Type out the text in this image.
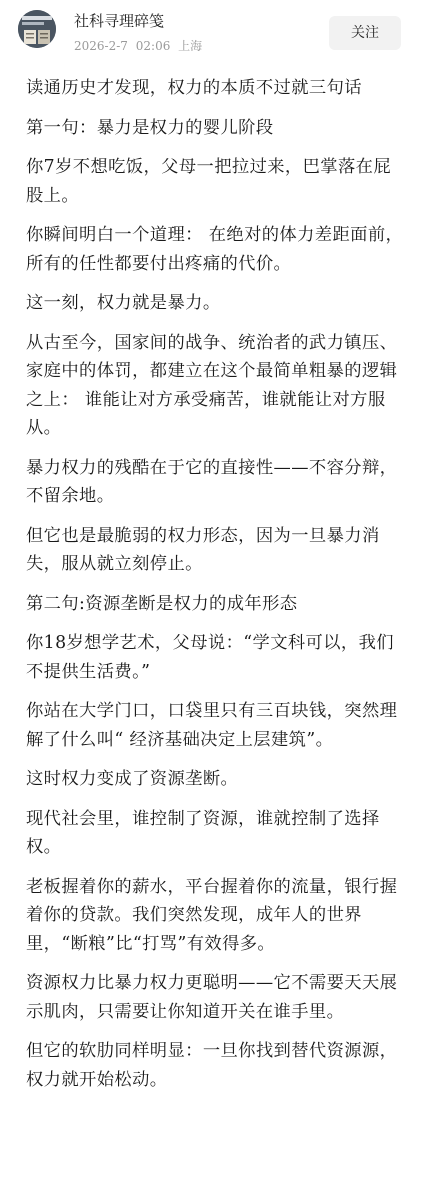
社科寻理碎笺
2026-2-7 02:06 上海
关注

读通历史才发现，权力的本质不过就三句话

第一句：暴力是权力的婴儿阶段

你7岁不想吃饭，父母一把拉过来，巴掌落在屁股上。

你瞬间明白一个道理： 在绝对的体力差距面前，所有的任性都要付出疼痛的代价。

这一刻，权力就是暴力。

从古至今，国家间的战争、统治者的武力镇压、家庭中的体罚，都建立在这个最简单粗暴的逻辑之上： 谁能让对方承受痛苦，谁就能让对方服从。

暴力权力的残酷在于它的直接性——不容分辩，不留余地。

但它也是最脆弱的权力形态，因为一旦暴力消失，服从就立刻停止。

第二句:资源垄断是权力的成年形态

你18岁想学艺术，父母说：“学文科可以，我们不提供生活费。”

你站在大学门口，口袋里只有三百块钱，突然理解了什么叫“ 经济基础决定上层建筑”。

这时权力变成了资源垄断。

现代社会里，谁控制了资源，谁就控制了选择权。

老板握着你的薪水，平台握着你的流量，银行握着你的贷款。我们突然发现，成年人的世界里，“断粮”比“打骂”有效得多。

资源权力比暴力权力更聪明——它不需要天天展示肌肉，只需要让你知道开关在谁手里。

但它的软肋同样明显：一旦你找到替代资源源，权力就开始松动。
